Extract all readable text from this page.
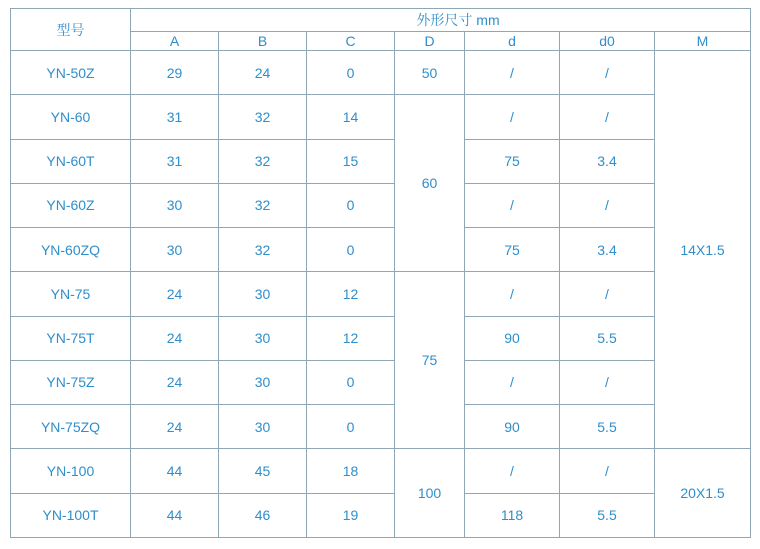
型号	外形尺寸 mm						
	A	B	C	D	d	d0	M
YN-50Z	29	24	0	50	/	/	14X1.5
YN-60	31	32	14	60	/	/	
YN-60T	31	32	15		75	3.4	
YN-60Z	30	32	0		/	/	
YN-60ZQ	30	32	0		75	3.4	
YN-75	24	30	12	75	/	/	
YN-75T	24	30	12		90	5.5	
YN-75Z	24	30	0		/	/	
YN-75ZQ	24	30	0		90	5.5	
YN-100	44	45	18	100	/	/	20X1.5
YN-100T	44	46	19		118	5.5	
